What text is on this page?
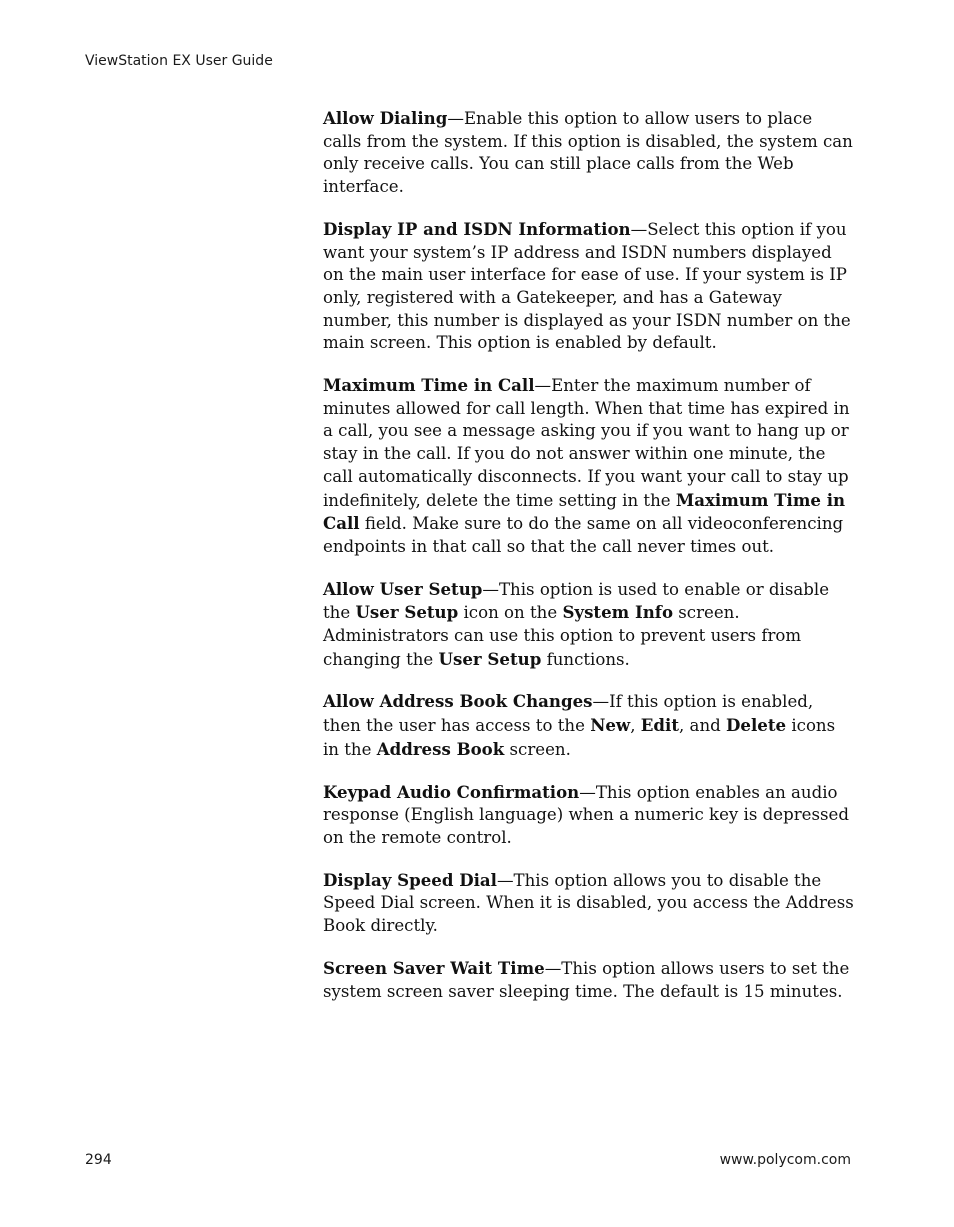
ViewStation EX User Guide

Allow Dialing—Enable this option to allow users to place calls from the system. If this option is disabled, the system can only receive calls. You can still place calls from the Web interface.

Display IP and ISDN Information—Select this option if you want your system’s IP address and ISDN numbers displayed on the main user interface for ease of use. If your system is IP only, registered with a Gatekeeper, and has a Gateway number, this number is displayed as your ISDN number on the main screen. This option is enabled by default.

Maximum Time in Call—Enter the maximum number of minutes allowed for call length. When that time has expired in a call, you see a message asking you if you want to hang up or stay in the call. If you do not answer within one minute, the call automatically disconnects. If you want your call to stay up indefinitely, delete the time setting in the Maximum Time in Call field. Make sure to do the same on all videoconferencing endpoints in that call so that the call never times out.

Allow User Setup—This option is used to enable or disable the User Setup icon on the System Info screen. Administrators can use this option to prevent users from changing the User Setup functions.

Allow Address Book Changes—If this option is enabled, then the user has access to the New, Edit, and Delete icons in the Address Book screen.

Keypad Audio Confirmation—This option enables an audio response (English language) when a numeric key is depressed on the remote control.

Display Speed Dial—This option allows you to disable the Speed Dial screen. When it is disabled, you access the Address Book directly.

Screen Saver Wait Time—This option allows users to set the system screen saver sleeping time. The default is 15 minutes.

294	www.polycom.com
